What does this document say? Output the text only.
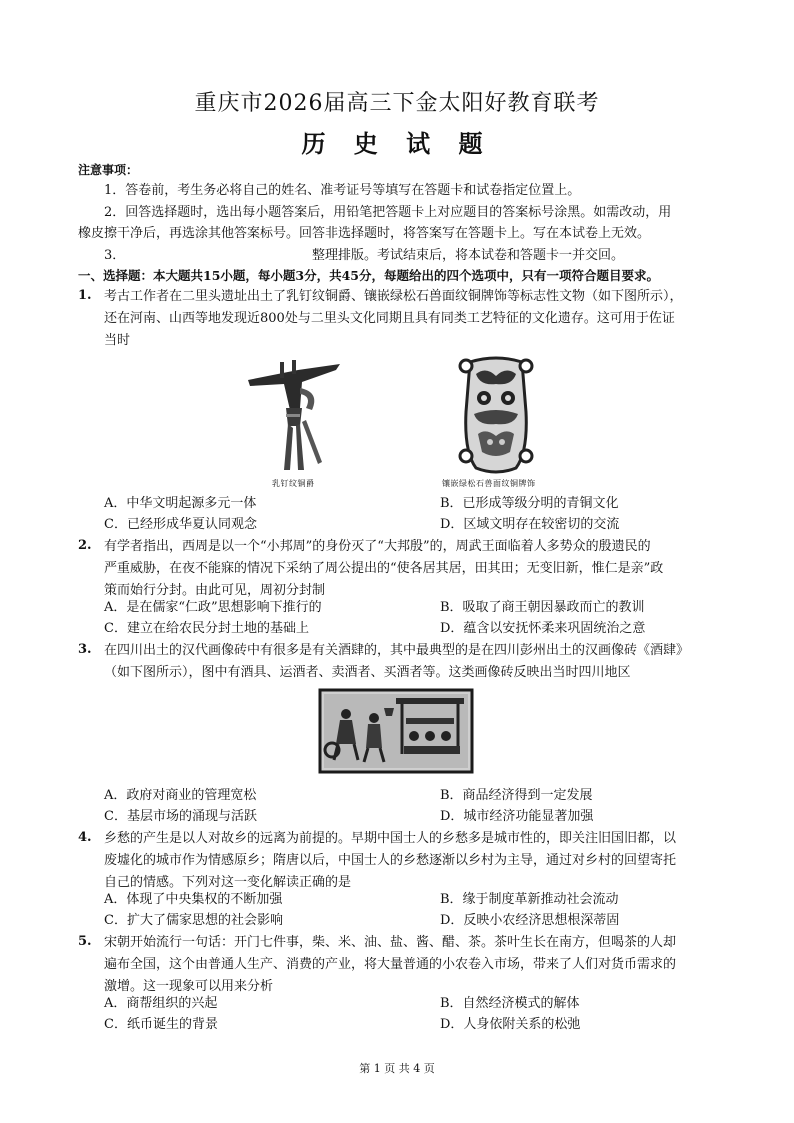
重庆市2026届高三下金太阳好教育联考
历 史 试 题
注意事项：
1．答卷前，考生务必将自己的姓名、准考证号等填写在答题卡和试卷指定位置上。
2．回答选择题时，选出每小题答案后，用铅笔把答题卡上对应题目的答案标号涂黑。如需改动，用
橡皮擦干净后，再选涂其他答案标号。回答非选择题时，将答案写在答题卡上。写在本试卷上无效。
3．	整理排版。考试结束后，将本试卷和答题卡一并交回。
一、选择题：本大题共15小题，每小题3分，共45分，每题给出的四个选项中，只有一项符合题目要求。
1. 考古工作者在二里头遗址出土了乳钉纹铜爵、镶嵌绿松石兽面纹铜牌饰等标志性文物（如下图所示），
还在河南、山西等地发现近800处与二里头文化同期且具有同类工艺特征的文化遗存。这可用于佐证
当时
乳钉纹铜爵	镶嵌绿松石兽面纹铜牌饰
A．中华文明起源多元一体	B．已形成等级分明的青铜文化
C．已经形成华夏认同观念	D．区域文明存在较密切的交流
2. 有学者指出，西周是以一个“小邦周”的身份灭了“大邦殷”的，周武王面临着人多势众的殷遗民的
严重威胁，在夜不能寐的情况下采纳了周公提出的“使各居其居，田其田；无变旧新，惟仁是亲”政
策而始行分封。由此可见，周初分封制
A．是在儒家“仁政”思想影响下推行的	B．吸取了商王朝因暴政而亡的教训
C．建立在给农民分封土地的基础上	D．蕴含以安抚怀柔来巩固统治之意
3. 在四川出土的汉代画像砖中有很多是有关酒肆的，其中最典型的是在四川彭州出土的汉画像砖《酒肆》
（如下图所示），图中有酒具、运酒者、卖酒者、买酒者等。这类画像砖反映出当时四川地区
A．政府对商业的管理宽松	B．商品经济得到一定发展
C．基层市场的涌现与活跃	D．城市经济功能显著加强
4. 乡愁的产生是以人对故乡的远离为前提的。早期中国士人的乡愁多是城市性的，即关注旧国旧都，以
废墟化的城市作为情感原乡；隋唐以后，中国士人的乡愁逐渐以乡村为主导，通过对乡村的回望寄托
自己的情感。下列对这一变化解读正确的是
A．体现了中央集权的不断加强	B．缘于制度革新推动社会流动
C．扩大了儒家思想的社会影响	D．反映小农经济思想根深蒂固
5. 宋朝开始流行一句话：开门七件事，柴、米、油、盐、酱、醋、茶。茶叶生长在南方，但喝茶的人却
遍布全国，这个由普通人生产、消费的产业，将大量普通的小农卷入市场，带来了人们对货币需求的
激增。这一现象可以用来分析
A．商帮组织的兴起	B．自然经济模式的解体
C．纸币诞生的背景	D．人身依附关系的松弛
第 1 页 共 4 页
